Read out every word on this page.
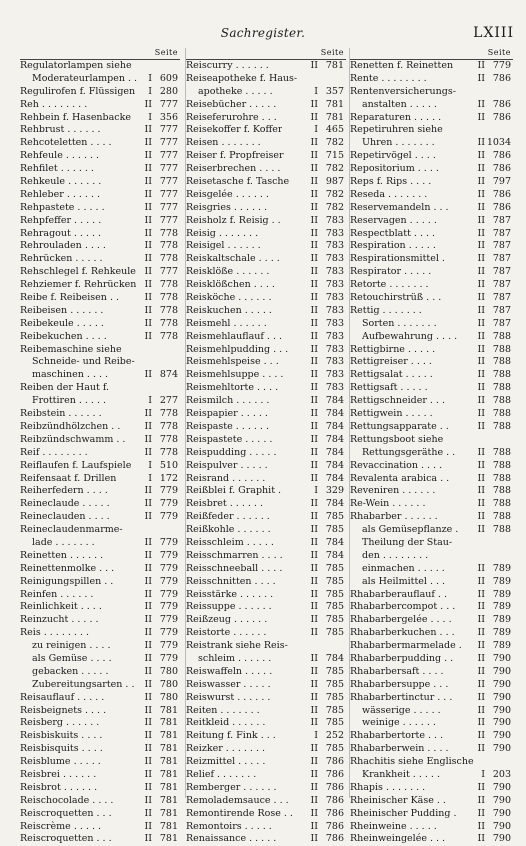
Sachregister.	LXIII
Seite
Regulatorlampen siehe
Moderateurlampen . .	I 609
Regulirofen f. Flüssigen	I 280
Reh . . . . . . . .	II 777
Rehbein f. Hasenbacke	I 356
Rehbrust . . . . . .	II 777
Rehcoteletten . . . .	II 777
Rehfeule . . . . . .	II 777
Rehfilet . . . . . .	II 777
Rehkeule . . . . . .	II 777
Rehleber . . . . . .	II 777
Rehpastete . . . . .	II 777
Rehpfeffer . . . . .	II 777
Rehragout . . . . .	II 778
Rehrouladen . . . .	II 778
Rehrücken . . . . .	II 778
Rehschlegel f. Rehkeule II 777
Rehziemer f. Rehrücken II 778
Reibe f. Reibeisen . .	II 778
Reibeisen . . . . . .	II 778
Reibekeule . . . . .	II 778
Reibekuchen . . . .	II 778
Reibemaschine siehe
Schneide- und Reibe-
maschinen . . . .	II 874
Reiben der Haut f.
Frottiren . . . . .	I 277
Reibstein . . . . . .	II 778
Reibzündhölzchen . .	II 778
Reibzündschwamm . .	II 778
Reif . . . . . . . .	II 778
Reiflaufen f. Laufspiele	I 510
Reifensaat f. Drillen	I 172
Reiherfedern . . . .	II 779
Reineclaude . . . . .	II 779
Reineclauden . . . .	II 779
Reineclaudenmarme-
lade . . . . . . .	II 779
Reinetten . . . . . .	II 779
Reinettenmolke . . .	II 779
Reinigungspillen . .	II 779
Reinfen . . . . . .	II 779
Reinlichkeit . . . .	II 779
Reinzucht . . . . .	II 779
Reis . . . . . . . .	II 779
zu reinigen . . . .	II 779
als Gemüse . . . .	II 779
gebacken . . . . .	II 780
Zubereitungsarten . .	II 780
Reisauflauf . . . . .	II 780
Reisbeignets . . . .	II 781
Reisberg . . . . . .	II 781
Reisbiskuits . . . .	II 781
Reisbisquits . . . .	II 781
Reisblume . . . . .	II 781
Reisbrei . . . . . .	II 781
Reisbrot . . . . . .	II 781
Reischocolade . . . .	II 781
Reiscroquetten . . .	II 781
Reiscrème . . . . .	II 781
Reiscroquetten . . .	II 781
Seite
Reiscurry . . . . . .	II 781
Reiseapotheke f. Haus-
apotheke . . . . .	I 357
Reisebücher . . . . .	II 781
Reiseferurohre . . .	II 781
Reisekoffer f. Koffer	I 465
Reisen . . . . . . .	II 782
Reiser f. Propfreiser	II 715
Reiserbrechen . . . .	II 782
Reisetasche f. Tasche	II 987
Reisgelée . . . . . .	II 782
Reisgries . . . . . .	II 782
Reisholz f. Reisig . .	II 783
Reisig . . . . . . .	II 783
Reisigel . . . . . .	II 783
Reiskaltschale . . . .	II 783
Reisklöße . . . . . .	II 783
Reisklößchen . . . .	II 783
Reisköche . . . . . .	II 783
Reiskuchen . . . . .	II 783
Reismehl . . . . . .	II 783
Reismehlauflauf . . .	II 783
Reismehlpudding . . .	II 783
Reismehlspeise . . .	II 783
Reismehlsuppe . . . .	II 783
Reismehltorte . . . .	II 783
Reismilch . . . . . .	II 784
Reispapier . . . . .	II 784
Reispaste . . . . . .	II 784
Reispastete . . . . .	II 784
Reispudding . . . . .	II 784
Reispulver . . . . .	II 784
Reisrand . . . . . .	II 784
Reißblei f. Graphit .	I 329
Reisbret . . . . . .	II 784
Reißfeder . . . . . .	II 785
Reißkohle . . . . . .	II 785
Reisschleim . . . . .	II 784
Reisschmarren . . . .	II 784
Reisschneeball . . . .	II 785
Reisschnitten . . . .	II 785
Reisstärke . . . . . .	II 785
Reissuppe . . . . . .	II 785
Reißzeug . . . . . .	II 785
Reistorte . . . . . .	II 785
Reistrank siehe Reis-
schleim . . . . . .	II 784
Reiswaffeln . . . . .	II 785
Reiswasser . . . . .	II 785
Reiswurst . . . . . .	II 785
Reiten . . . . . . .	II 785
Reitkleid . . . . . .	II 785
Reitung f. Fink . . .	I 252
Reizker . . . . . . .	II 785
Reizmittel . . . . .	II 786
Relief . . . . . . .	II 786
Remberger . . . . . .	II 786
Remolademsauce . . .	II 786
Remontirende Rose . .	II 786
Remontoirs . . . . .	II 786
Renaissance . . . . .	II 786
Seite
Renetten f. Reinetten	II 779
Rente . . . . . . . .	II 786
Rentenversicherungs-
anstalten . . . . .	II 786
Reparaturen . . . . .	II 786
Repetiruhren siehe
Uhren . . . . . . .	II 1034
Repetirvögel . . . .	II 786
Repositorium . . . .	II 786
Reps f. Rips . . . .	II 797
Reseda . . . . . . .	II 786
Reservemandeln . . .	II 786
Reservagen . . . . .	II 787
Respectblatt . . . .	II 787
Respiration . . . . .	II 787
Respirationsmittel .	II 787
Respirator . . . . .	II 787
Retorte . . . . . . .	II 787
Retouchirstrüß . . .	II 787
Rettig . . . . . . .	II 787
Sorten . . . . . . .	II 787
Aufbewahrung . . . .	II 788
Rettigbirne . . . . .	II 788
Rettigreiser . . . .	II 788
Rettigsalat . . . . .	II 788
Rettigsaft . . . . .	II 788
Rettigschneider . . .	II 788
Rettigwein . . . . .	II 788
Rettungsapparate . .	II 788
Rettungsboot siehe
Rettungsgeräthe . .	II 788
Revaccination . . . .	II 788
Revalenta arabica . .	II 788
Reveniren . . . . . .	II 788
Re-Wein . . . . . .	II 788
Rhabarber . . . . . .	II 788
als Gemüsepflanze .	II 788
Theilung der Stau-
den . . . . . . . .
einmachen . . . . .	II 789
als Heilmittel . . .	II 789
Rhabarberauflauf . .	II 789
Rhabarbercompot . . .	II 789
Rhabarbergelée . . . .	II 789
Rhabarberkuchen . . .	II 789
Rhabarbermarmelade .	II 789
Rhabarberpudding . .	II 790
Rhabarbersaft . . . .	II 790
Rhabarbersuppe . . .	II 790
Rhabarbertinctur . . .	II 790
wässerige . . . . .	II 790
weinige . . . . . .	II 790
Rhabarbertorte . . .	II 790
Rhabarberwein . . . .	II 790
Rhachitis siehe Englische
Krankheit . . . . .	I 203
Rhapis . . . . . . .	II 790
Rheinischer Käse . .	II 790
Rheinischer Pudding .	II 790
Rheinweine . . . . .	II 790
Rheinweingelée . . .	II 790
